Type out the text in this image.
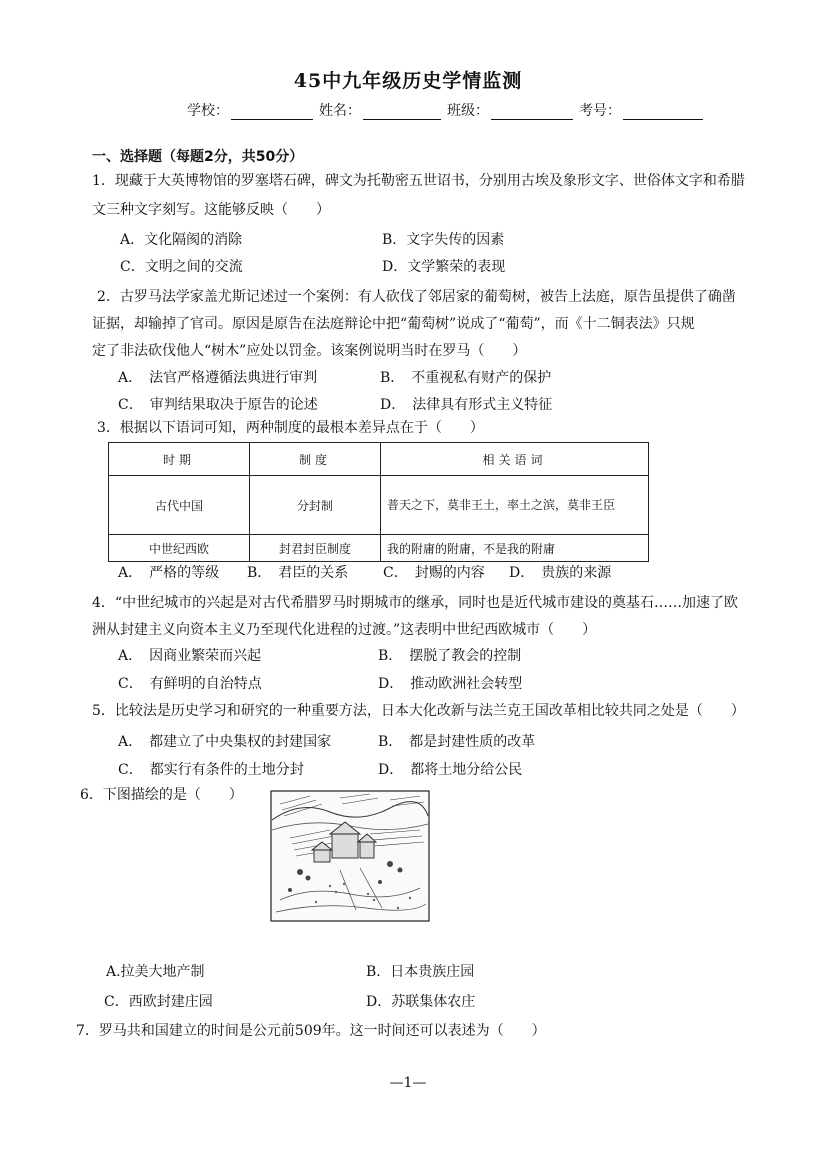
45中九年级历史学情监测
学校：	姓名：	班级：	考号：
一、选择题（每题2分，共50分）
1．现藏于大英博物馆的罗塞塔石碑，碑文为托勒密五世诏书，分别用古埃及象形文字、世俗体文字和希腊
文三种文字刻写。这能够反映（　　）
A．文化隔阂的消除	B．文字失传的因素
C．文明之间的交流	D．文学繁荣的表现
2．古罗马法学家盖尤斯记述过一个案例：有人砍伐了邻居家的葡萄树，被告上法庭，原告虽提供了确凿
证据，却输掉了官司。原因是原告在法庭辩论中把“葡萄树”说成了“葡萄”，而《十二铜表法》只规
定了非法砍伐他人“树木”应处以罚金。该案例说明当时在罗马（　　）
A．　法官严格遵循法典进行审判	B．　不重视私有财产的保护
C．　审判结果取决于原告的论述	D．　法律具有形式主义特征
3．根据以下语词可知，两种制度的最根本差异点在于（　　）
时期	制度	相关语词
古代中国	分封制	普天之下，莫非王土，率土之滨，莫非王臣
中世纪西欧	封君封臣制度	我的附庸的附庸，不是我的附庸
A．　严格的等级 B．　君臣的关系 C．　封赐的内容 D．　贵族的来源
4．“中世纪城市的兴起是对古代希腊罗马时期城市的继承，同时也是近代城市建设的奠基石……加速了欧
洲从封建主义向资本主义乃至现代化进程的过渡。”这表明中世纪西欧城市（　　）
A．　因商业繁荣而兴起	B．　摆脱了教会的控制
C．　有鲜明的自治特点	D．　推动欧洲社会转型
5．比较法是历史学习和研究的一种重要方法，日本大化改新与法兰克王国改革相比较共同之处是（　　）
A．　都建立了中央集权的封建国家	B．　都是封建性质的改革
C．　都实行有条件的土地分封	D．　都将土地分给公民
6．下图描绘的是（　　）
A.拉美大地产制	B．日本贵族庄园
C．西欧封建庄园	D．苏联集体农庄
7．罗马共和国建立的时间是公元前509年。这一时间还可以表述为（　　）
—1—
